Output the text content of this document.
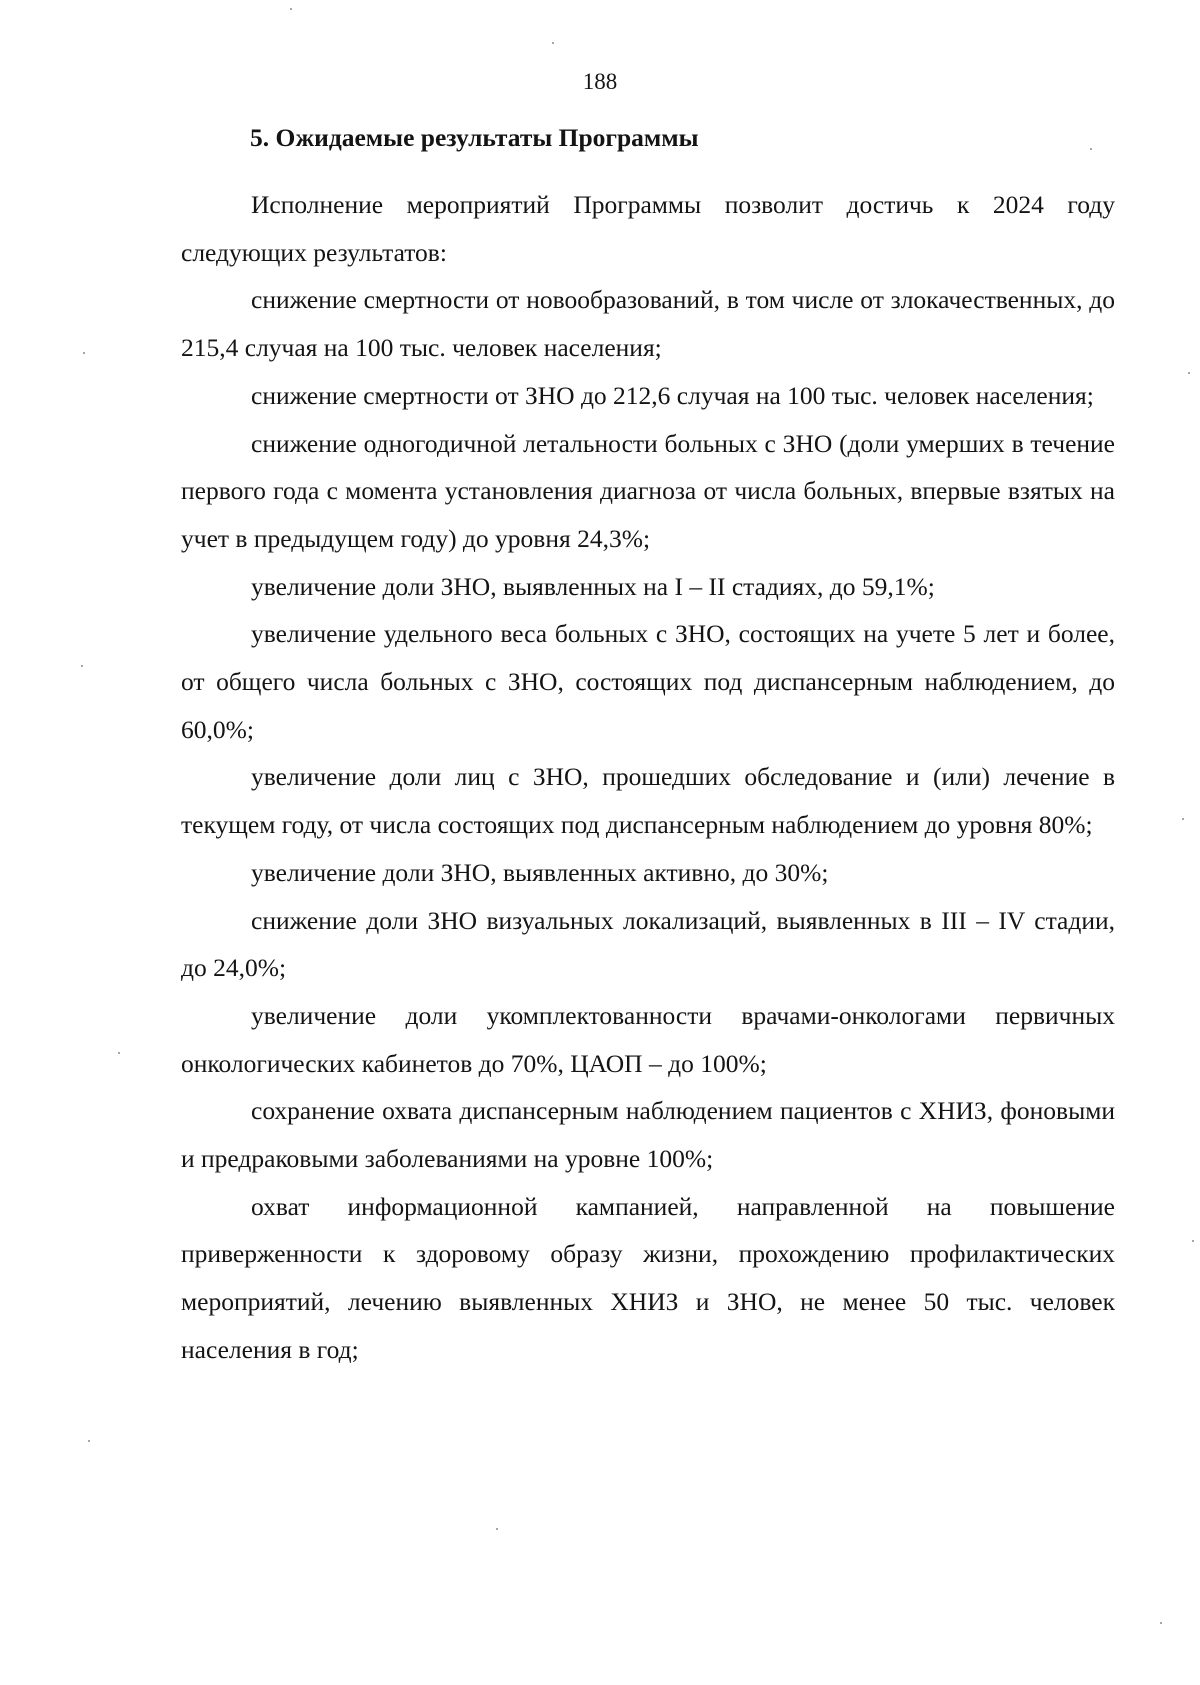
188
5. Ожидаемые результаты Программы

Исполнение мероприятий Программы позволит достичь к 2024 году следующих результатов:

снижение смертности от новообразований, в том числе от злокачественных, до 215,4 случая на 100 тыс. человек населения;

снижение смертности от ЗНО до 212,6 случая на 100 тыс. человек населения;

снижение одногодичной летальности больных с ЗНО (доли умерших в течение первого года с момента установления диагноза от числа больных, впервые взятых на учет в предыдущем году) до уровня 24,3%;

увеличение доли ЗНО, выявленных на I – II стадиях, до 59,1%;

увеличение удельного веса больных с ЗНО, состоящих на учете 5 лет и более, от общего числа больных с ЗНО, состоящих под диспансерным наблюдением, до 60,0%;

увеличение доли лиц с ЗНО, прошедших обследование и (или) лечение в текущем году, от числа состоящих под диспансерным наблюдением до уровня 80%;

увеличение доли ЗНО, выявленных активно, до 30%;

снижение доли ЗНО визуальных локализаций, выявленных в III – IV стадии, до 24,0%;

увеличение доли укомплектованности врачами-онкологами первичных онкологических кабинетов до 70%, ЦАОП – до 100%;

сохранение охвата диспансерным наблюдением пациентов с ХНИЗ, фоновыми и предраковыми заболеваниями на уровне 100%;

охват информационной кампанией, направленной на повышение приверженности к здоровому образу жизни, прохождению профилактических мероприятий, лечению выявленных ХНИЗ и ЗНО, не менее 50 тыс. человек населения в год;
